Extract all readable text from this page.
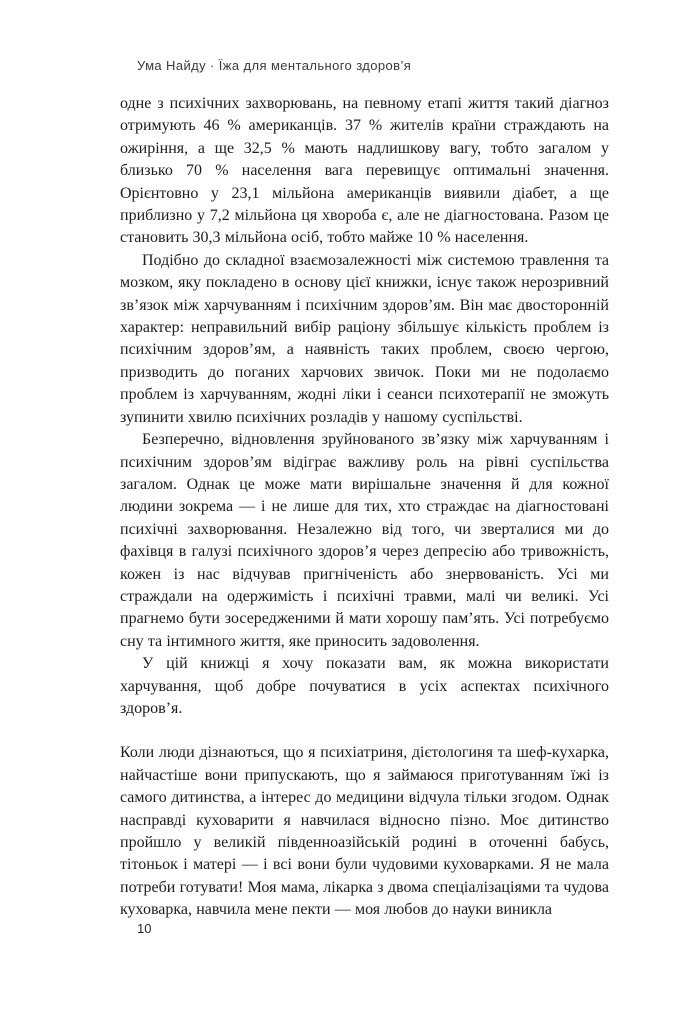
Ума Найду · Їжа для ментального здоров’я

одне з психічних захворювань, на певному етапі життя такий діагноз отримують 46 % американців. 37 % жителів країни страждають на ожиріння, а ще 32,5 % мають надлишкову вагу, тобто загалом у близько 70 % населення вага перевищує оптимальні значення. Орієнтовно у 23,1 мільйона американців виявили діабет, а ще приблизно у 7,2 мільйона ця хвороба є, але не діагностована. Разом це становить 30,3 мільйона осіб, тобто майже 10 % населення.

Подібно до складної взаємозалежності між системою травлення та мозком, яку покладено в основу цієї книжки, існує також нерозривний зв’язок між харчуванням і психічним здоров’ям. Він має двосторонній характер: неправильний вибір раціону збільшує кількість проблем із психічним здоров’ям, а наявність таких проблем, своєю чергою, призводить до поганих харчових звичок. Поки ми не подолаємо проблем із харчуванням, жодні ліки і сеанси психотерапії не зможуть зупинити хвилю психічних розладів у нашому суспільстві.

Безперечно, відновлення зруйнованого зв’язку між харчуванням і психічним здоров’ям відіграє важливу роль на рівні суспільства загалом. Однак це може мати вирішальне значення й для кожної людини зокрема — і не лише для тих, хто страждає на діагностовані психічні захворювання. Незалежно від того, чи зверталися ми до фахівця в галузі психічного здоров’я через депресію або тривожність, кожен із нас відчував пригніченість або знервованість. Усі ми страждали на одержимість і психічні травми, малі чи великі. Усі прагнемо бути зосередженими й мати хорошу пам’ять. Усі потребуємо сну та інтимного життя, яке приносить задоволення.

У цій книжці я хочу показати вам, як можна використати харчування, щоб добре почуватися в усіх аспектах психічного здоров’я.

Коли люди дізнаються, що я психіатриня, дієтологиня та шеф-кухарка, найчастіше вони припускають, що я займаюся приготуванням їжі із самого дитинства, а інтерес до медицини відчула тільки згодом. Однак насправді куховарити я навчилася відносно пізно. Моє дитинство пройшло у великій південноазійській родині в оточенні бабусь, тітоньок і матері — і всі вони були чудовими куховарками. Я не мала потреби готувати! Моя мама, лікарка з двома спеціалізаціями та чудова куховарка, навчила мене пекти — моя любов до науки виникла

10
